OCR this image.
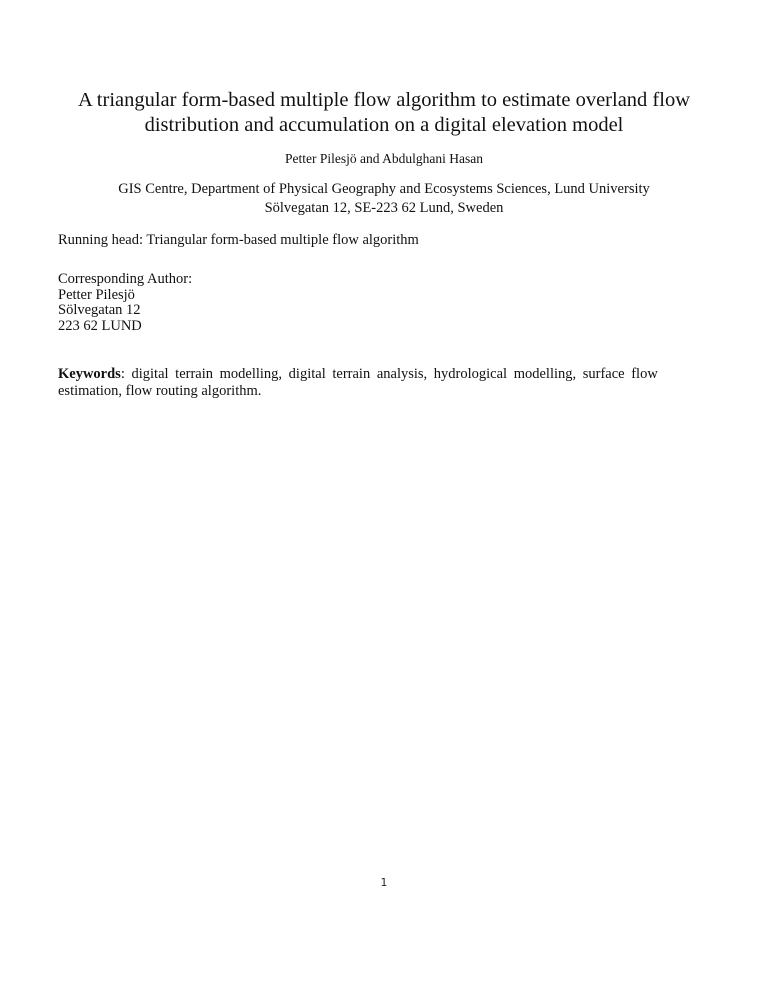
A triangular form-based multiple flow algorithm to estimate overland flow
distribution and accumulation on a digital elevation model
Petter Pilesjö and Abdulghani Hasan
GIS Centre, Department of Physical Geography and Ecosystems Sciences, Lund University
Sölvegatan 12, SE-223 62 Lund, Sweden
Running head: Triangular form-based multiple flow algorithm
Corresponding Author:
Petter Pilesjö
Sölvegatan 12
223 62 LUND
Keywords: digital terrain modelling, digital terrain analysis, hydrological modelling, surface flow
estimation, flow routing algorithm.
1
